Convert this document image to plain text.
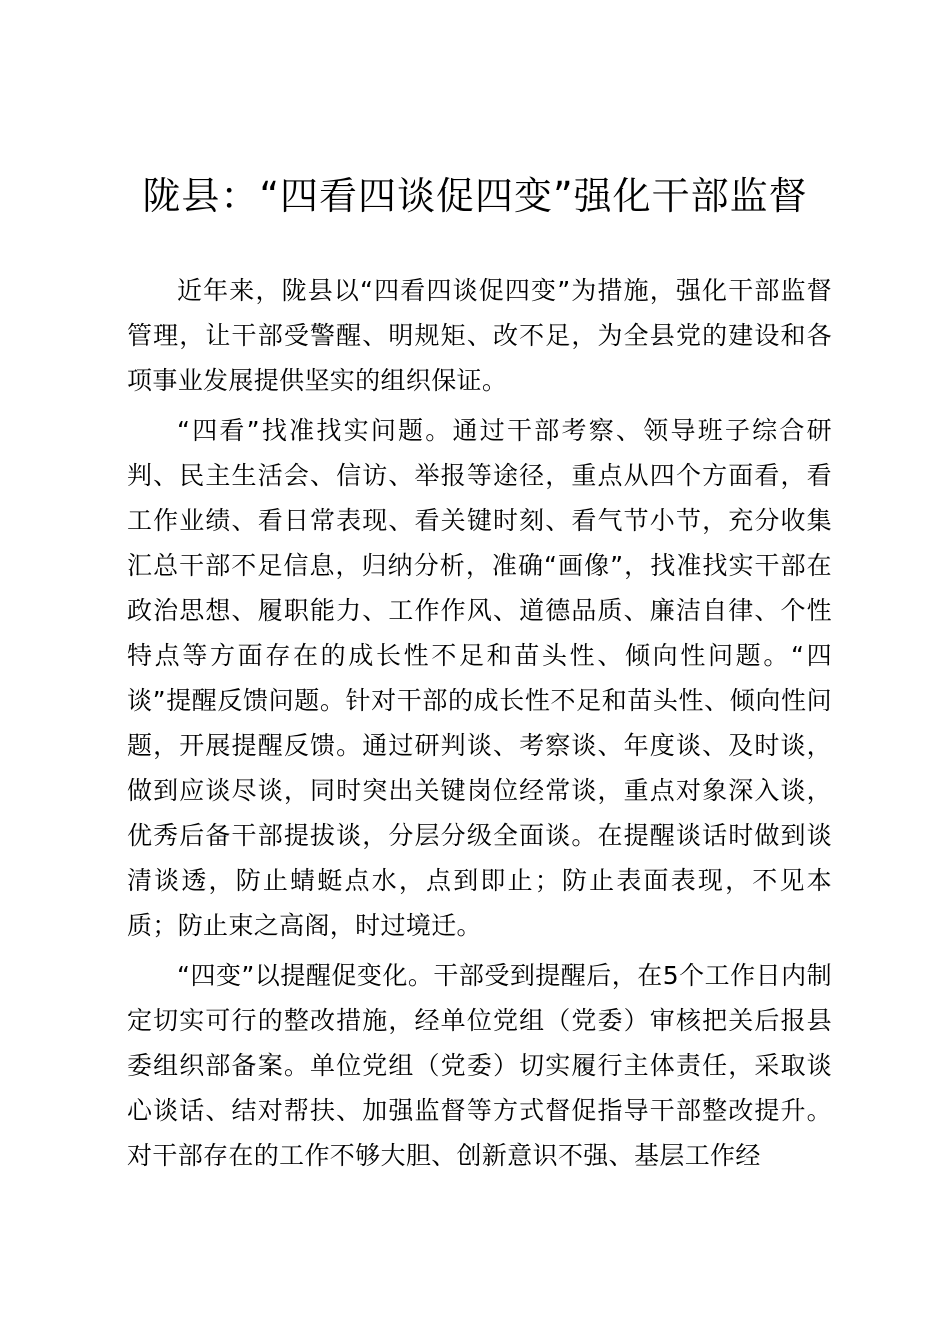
陇县：“四看四谈促四变”强化干部监督

近年来，陇县以“四看四谈促四变”为措施，强化干部监督管理，让干部受警醒、明规矩、改不足，为全县党的建设和各项事业发展提供坚实的组织保证。

“四看”找准找实问题。通过干部考察、领导班子综合研判、民主生活会、信访、举报等途径，重点从四个方面看，看工作业绩、看日常表现、看关键时刻、看气节小节，充分收集汇总干部不足信息，归纳分析，准确“画像”，找准找实干部在政治思想、履职能力、工作作风、道德品质、廉洁自律、个性特点等方面存在的成长性不足和苗头性、倾向性问题。“四谈”提醒反馈问题。针对干部的成长性不足和苗头性、倾向性问题，开展提醒反馈。通过研判谈、考察谈、年度谈、及时谈，做到应谈尽谈，同时突出关键岗位经常谈，重点对象深入谈，优秀后备干部提拔谈，分层分级全面谈。在提醒谈话时做到谈清谈透，防止蜻蜓点水，点到即止；防止表面表现，不见本质；防止束之高阁，时过境迁。

“四变”以提醒促变化。干部受到提醒后，在5个工作日内制定切实可行的整改措施，经单位党组（党委）审核把关后报县委组织部备案。单位党组（党委）切实履行主体责任，采取谈心谈话、结对帮扶、加强监督等方式督促指导干部整改提升。对干部存在的工作不够大胆、创新意识不强、基层工作经
